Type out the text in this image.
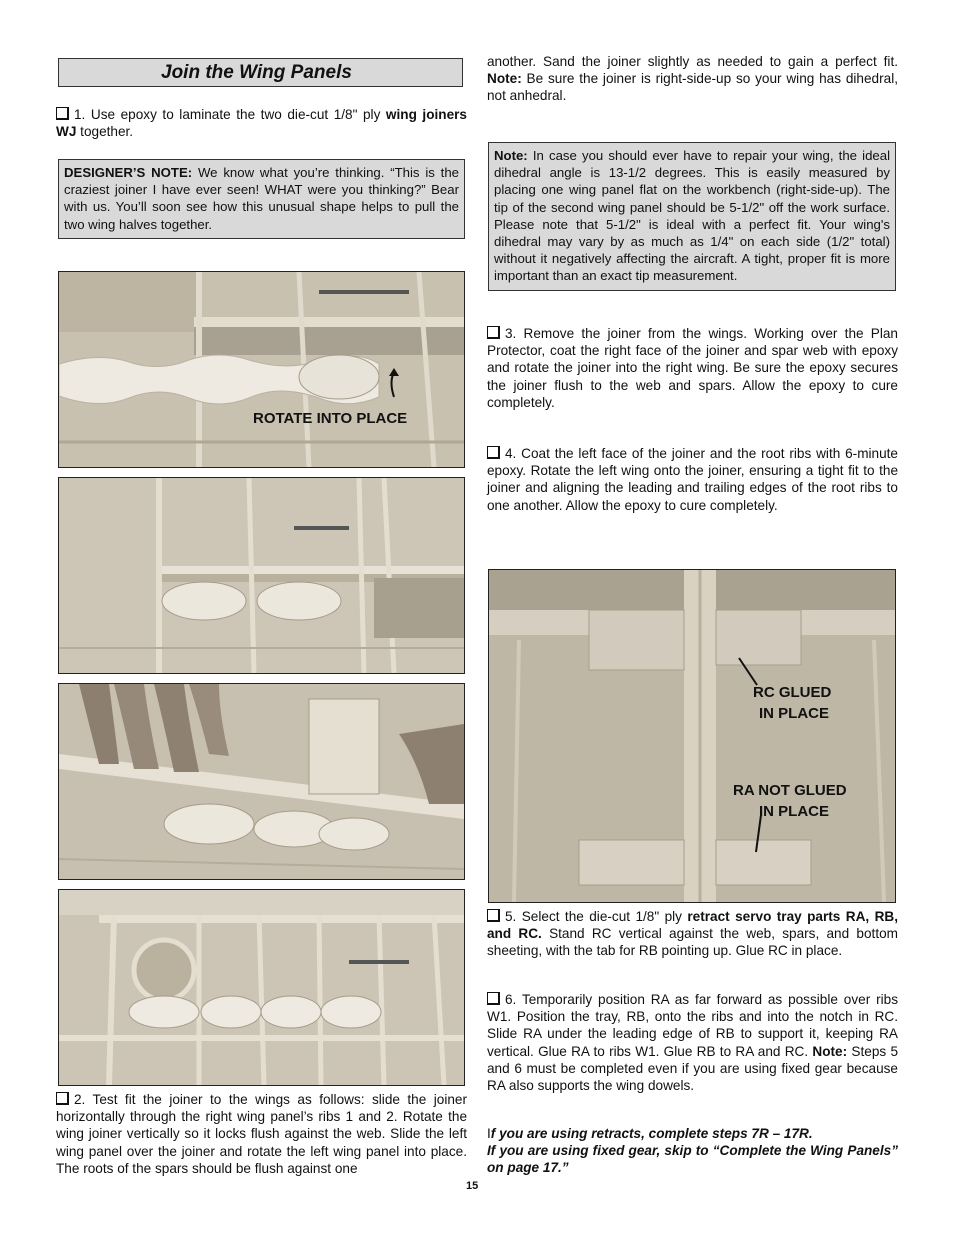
Join the Wing Panels

1. Use epoxy to laminate the two die-cut 1/8" ply wing joiners WJ together.

DESIGNER’S NOTE: We know what you’re thinking. “This is the craziest joiner I have ever seen! WHAT were you thinking?” Bear with us. You’ll soon see how this unusual shape helps to pull the two wing halves together.
ROTATE INTO PLACE

2. Test fit the joiner to the wings as follows: slide the joiner horizontally through the right wing panel’s ribs 1 and 2. Rotate the wing joiner vertically so it locks flush against the web. Slide the left wing panel over the joiner and rotate the left wing panel into place. The roots of the spars should be flush against one

another. Sand the joiner slightly as needed to gain a perfect fit. Note: Be sure the joiner is right-side-up so your wing has dihedral, not anhedral.

Note: In case you should ever have to repair your wing, the ideal dihedral angle is 13-1/2 degrees. This is easily measured by placing one wing panel flat on the workbench (right-side-up). The tip of the second wing panel should be 5-1/2" off the work surface. Please note that 5-1/2" is ideal with a perfect fit. Your wing's dihedral may vary by as much as 1/4" on each side (1/2" total) without it negatively affecting the aircraft. A tight, proper fit is more important than an exact tip measurement.

3. Remove the joiner from the wings. Working over the Plan Protector, coat the right face of the joiner and spar web with epoxy and rotate the joiner into the right wing. Be sure the epoxy secures the joiner flush to the web and spars. Allow the epoxy to cure completely.

4. Coat the left face of the joiner and the root ribs with 6-minute epoxy. Rotate the left wing onto the joiner, ensuring a tight fit to the joiner and aligning the leading and trailing edges of the root ribs to one another. Allow the epoxy to cure completely.

RC GLUED
IN PLACE
RA NOT GLUED
IN PLACE

5. Select the die-cut 1/8" ply retract servo tray parts RA, RB, and RC. Stand RC vertical against the web, spars, and bottom sheeting, with the tab for RB pointing up. Glue RC in place.

6. Temporarily position RA as far forward as possible over ribs W1. Position the tray, RB, onto the ribs and into the notch in RC. Slide RA under the leading edge of RB to support it, keeping RA vertical. Glue RA to ribs W1. Glue RB to RA and RC. Note: Steps 5 and 6 must be completed even if you are using fixed gear because RA also supports the wing dowels.

If you are using retracts, complete steps 7R – 17R.
If you are using fixed gear, skip to “Complete the Wing Panels” on page 17.”

15
